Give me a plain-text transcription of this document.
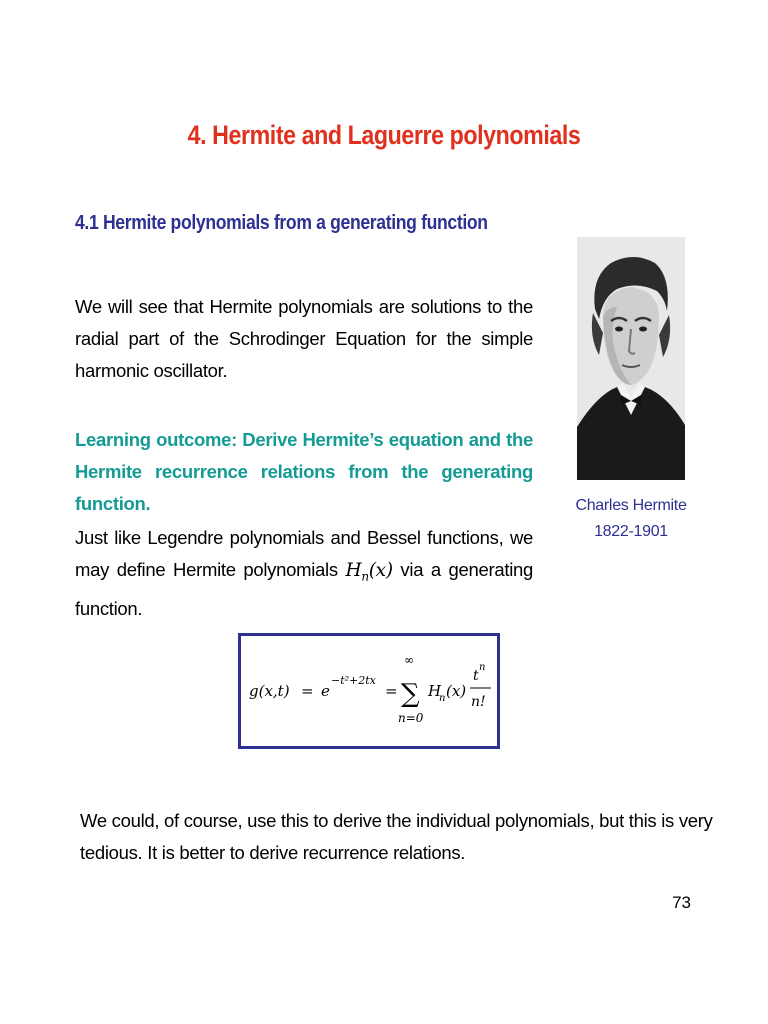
4. Hermite and Laguerre polynomials
4.1 Hermite polynomials from a generating function
We will see that Hermite polynomials are solutions to the radial part of the Schrodinger Equation for the simple harmonic oscillator.
Learning outcome: Derive Hermite’s equation and the Hermite recurrence relations from the generating function.
Just like Legendre polynomials and Bessel functions, we may define Hermite polynomials $H_n(x)$ via a generating function.
Charles Hermite
1822-1901
g(x,t) = e
−t²+2tx
=
∞
∑
n=0
H
n (x)
t
n
n!
We could, of course, use this to derive the individual polynomials, but this is very tedious. It is better to derive recurrence relations.
73
